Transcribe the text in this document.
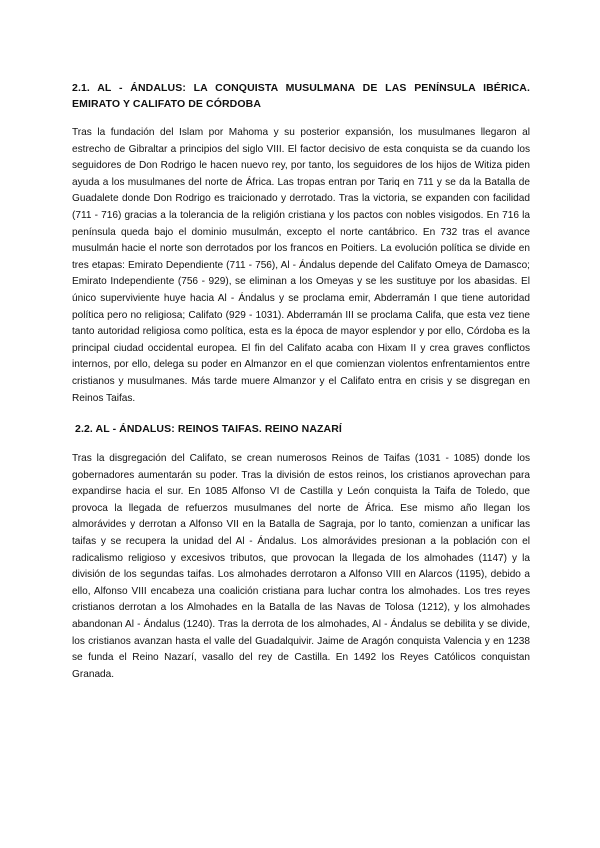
2.1. AL - ÁNDALUS: LA CONQUISTA MUSULMANA DE LAS PENÍNSULA IBÉRICA. EMIRATO Y CALIFATO DE CÓRDOBA

Tras la fundación del Islam por Mahoma y su posterior expansión, los musulmanes llegaron al estrecho de Gibraltar a principios del siglo VIII. El factor decisivo de esta conquista se da cuando los seguidores de Don Rodrigo le hacen nuevo rey, por tanto, los seguidores de los hijos de Witiza piden ayuda a los musulmanes del norte de África. Las tropas entran por Tariq en 711 y se da la Batalla de Guadalete donde Don Rodrigo es traicionado y derrotado. Tras la victoria, se expanden con facilidad (711 - 716) gracias a la tolerancia de la religión cristiana y los pactos con nobles visigodos. En 716 la península queda bajo el dominio musulmán, excepto el norte cantábrico. En 732 tras el avance musulmán hacie el norte son derrotados por los francos en Poitiers. La evolución política se divide en tres etapas: Emirato Dependiente (711 - 756), Al - Ándalus depende del Califato Omeya de Damasco; Emirato Independiente (756 - 929), se eliminan a los Omeyas y se les sustituye por los abasidas. El único superviviente huye hacia Al - Ándalus y se proclama emir, Abderramán I que tiene autoridad política pero no religiosa; Califato (929 - 1031). Abderramán III se proclama Califa, que esta vez tiene tanto autoridad religiosa como política, esta es la época de mayor esplendor y por ello, Córdoba es la principal ciudad occidental europea. El fin del Califato acaba con Hixam II y crea graves conflictos internos, por ello, delega su poder en Almanzor en el que comienzan violentos enfrentamientos entre cristianos y musulmanes. Más tarde muere Almanzor y el Califato entra en crisis y se disgregan en Reinos Taifas.

2.2. AL - ÁNDALUS: REINOS TAIFAS. REINO NAZARÍ

Tras la disgregación del Califato, se crean numerosos Reinos de Taifas (1031 - 1085) donde los gobernadores aumentarán su poder. Tras la división de estos reinos, los cristianos aprovechan para expandirse hacia el sur. En 1085 Alfonso VI de Castilla y León conquista la Taifa de Toledo, que provoca la llegada de refuerzos musulmanes del norte de África. Ese mismo año llegan los almorávides y derrotan a Alfonso VII en la Batalla de Sagraja, por lo tanto, comienzan a unificar las taifas y se recupera la unidad del Al - Ándalus. Los almorávides presionan a la población con el radicalismo religioso y excesivos tributos, que provocan la llegada de los almohades (1147) y la división de los segundas taifas. Los almohades derrotaron a Alfonso VIII en Alarcos (1195), debido a ello, Alfonso VIII encabeza una coalición cristiana para luchar contra los almohades. Los tres reyes cristianos derrotan a los Almohades en la Batalla de las Navas de Tolosa (1212), y los almohades abandonan Al - Ándalus (1240). Tras la derrota de los almohades, Al - Ándalus se debilita y se divide, los cristianos avanzan hasta el valle del Guadalquivir. Jaime de Aragón conquista Valencia y en 1238 se funda el Reino Nazarí, vasallo del rey de Castilla. En 1492 los Reyes Católicos conquistan Granada.
